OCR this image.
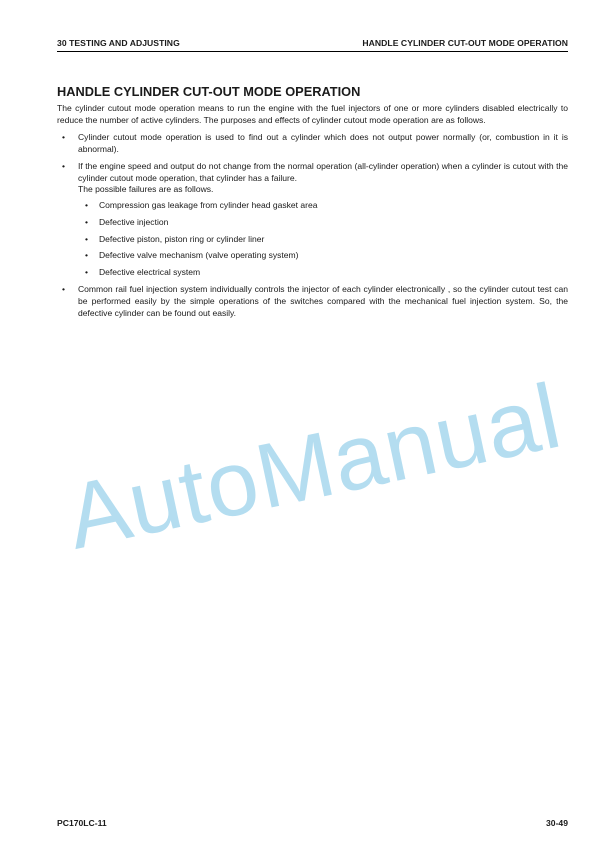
30 TESTING AND ADJUSTING	HANDLE CYLINDER CUT-OUT MODE OPERATION
HANDLE CYLINDER CUT-OUT MODE OPERATION

The cylinder cutout mode operation means to run the engine with the fuel injectors of one or more cylinders disabled electrically to reduce the number of active cylinders. The purposes and effects of cylinder cutout mode operation are as follows.

• Cylinder cutout mode operation is used to find out a cylinder which does not output power normally (or, combustion in it is abnormal).
• If the engine speed and output do not change from the normal operation (all-cylinder operation) when a cylinder is cutout with the cylinder cutout mode operation, that cylinder has a failure.
The possible failures are as follows.
• Compression gas leakage from cylinder head gasket area
• Defective injection
• Defective piston, piston ring or cylinder liner
• Defective valve mechanism (valve operating system)
• Defective electrical system
• Common rail fuel injection system individually controls the injector of each cylinder electronically , so the cylinder cutout test can be performed easily by the simple operations of the switches compared with the mechanical fuel injection system. So, the defective cylinder can be found out easily.
AutoManual
PC170LC-11	30-49
